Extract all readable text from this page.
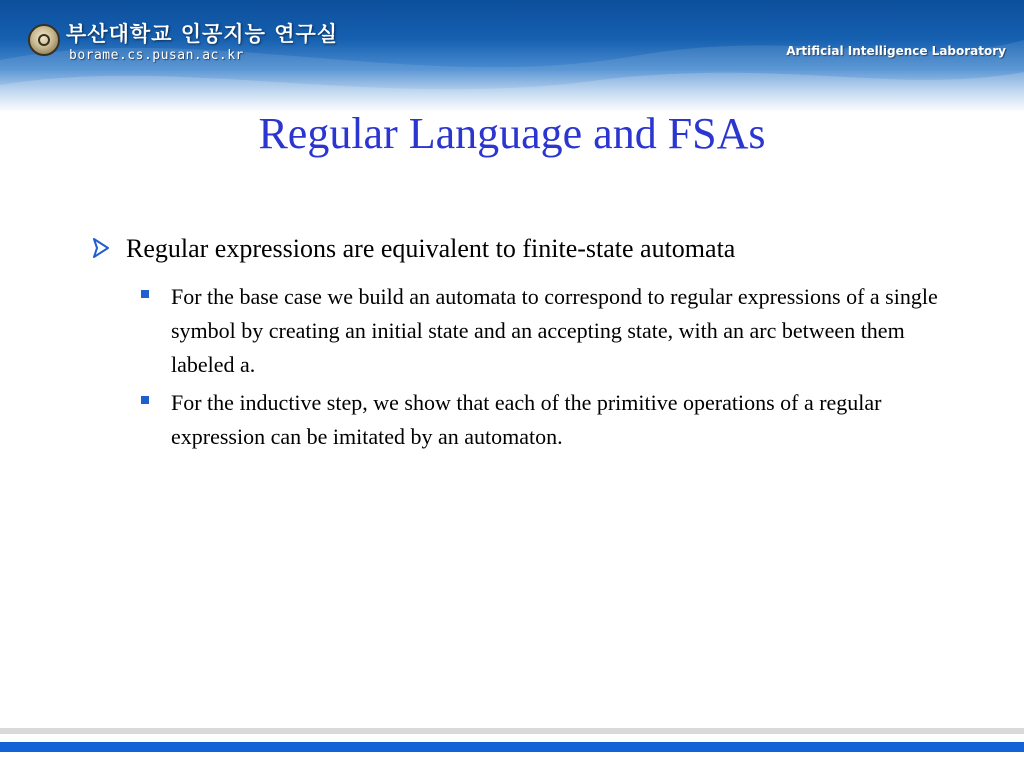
부산대학교 인공지능 연구실
borame.cs.pusan.ac.kr	Artificial Intelligence Laboratory
Regular Language and FSAs
Regular expressions are equivalent to finite-state automata
For the base case we build an automata to correspond to regular expressions of a single symbol by creating an initial state and an accepting state, with an arc between them labeled a.
For the inductive step, we show that each of the primitive operations of a regular expression can be imitated by an automaton.
